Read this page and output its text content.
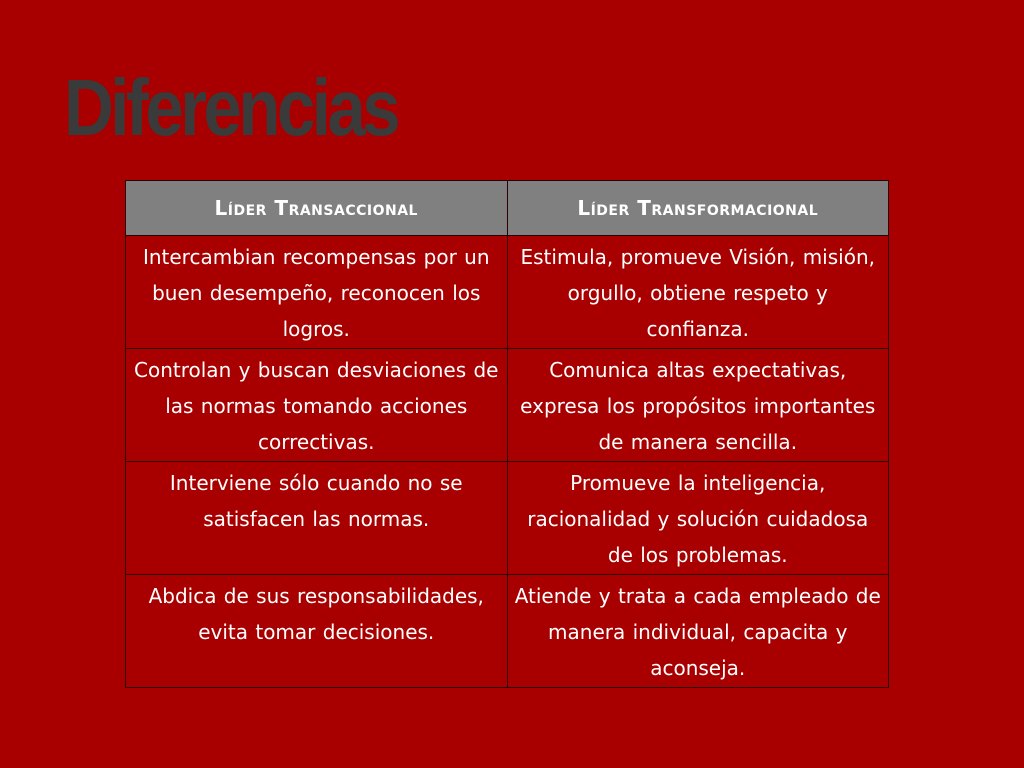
Diferencias
Líder Transaccional	Líder Transformacional
Intercambian recompensas por un buen desempeño, reconocen los logros.	Estimula, promueve Visión, misión, orgullo, obtiene respeto y confianza.
Controlan y buscan desviaciones de las normas tomando acciones correctivas.	Comunica altas expectativas, expresa los propósitos importantes de manera sencilla.
Interviene sólo cuando no se satisfacen las normas.	Promueve la inteligencia, racionalidad y solución cuidadosa de los problemas.
Abdica de sus responsabilidades, evita tomar decisiones.	Atiende y trata a cada empleado de manera individual, capacita y aconseja.
